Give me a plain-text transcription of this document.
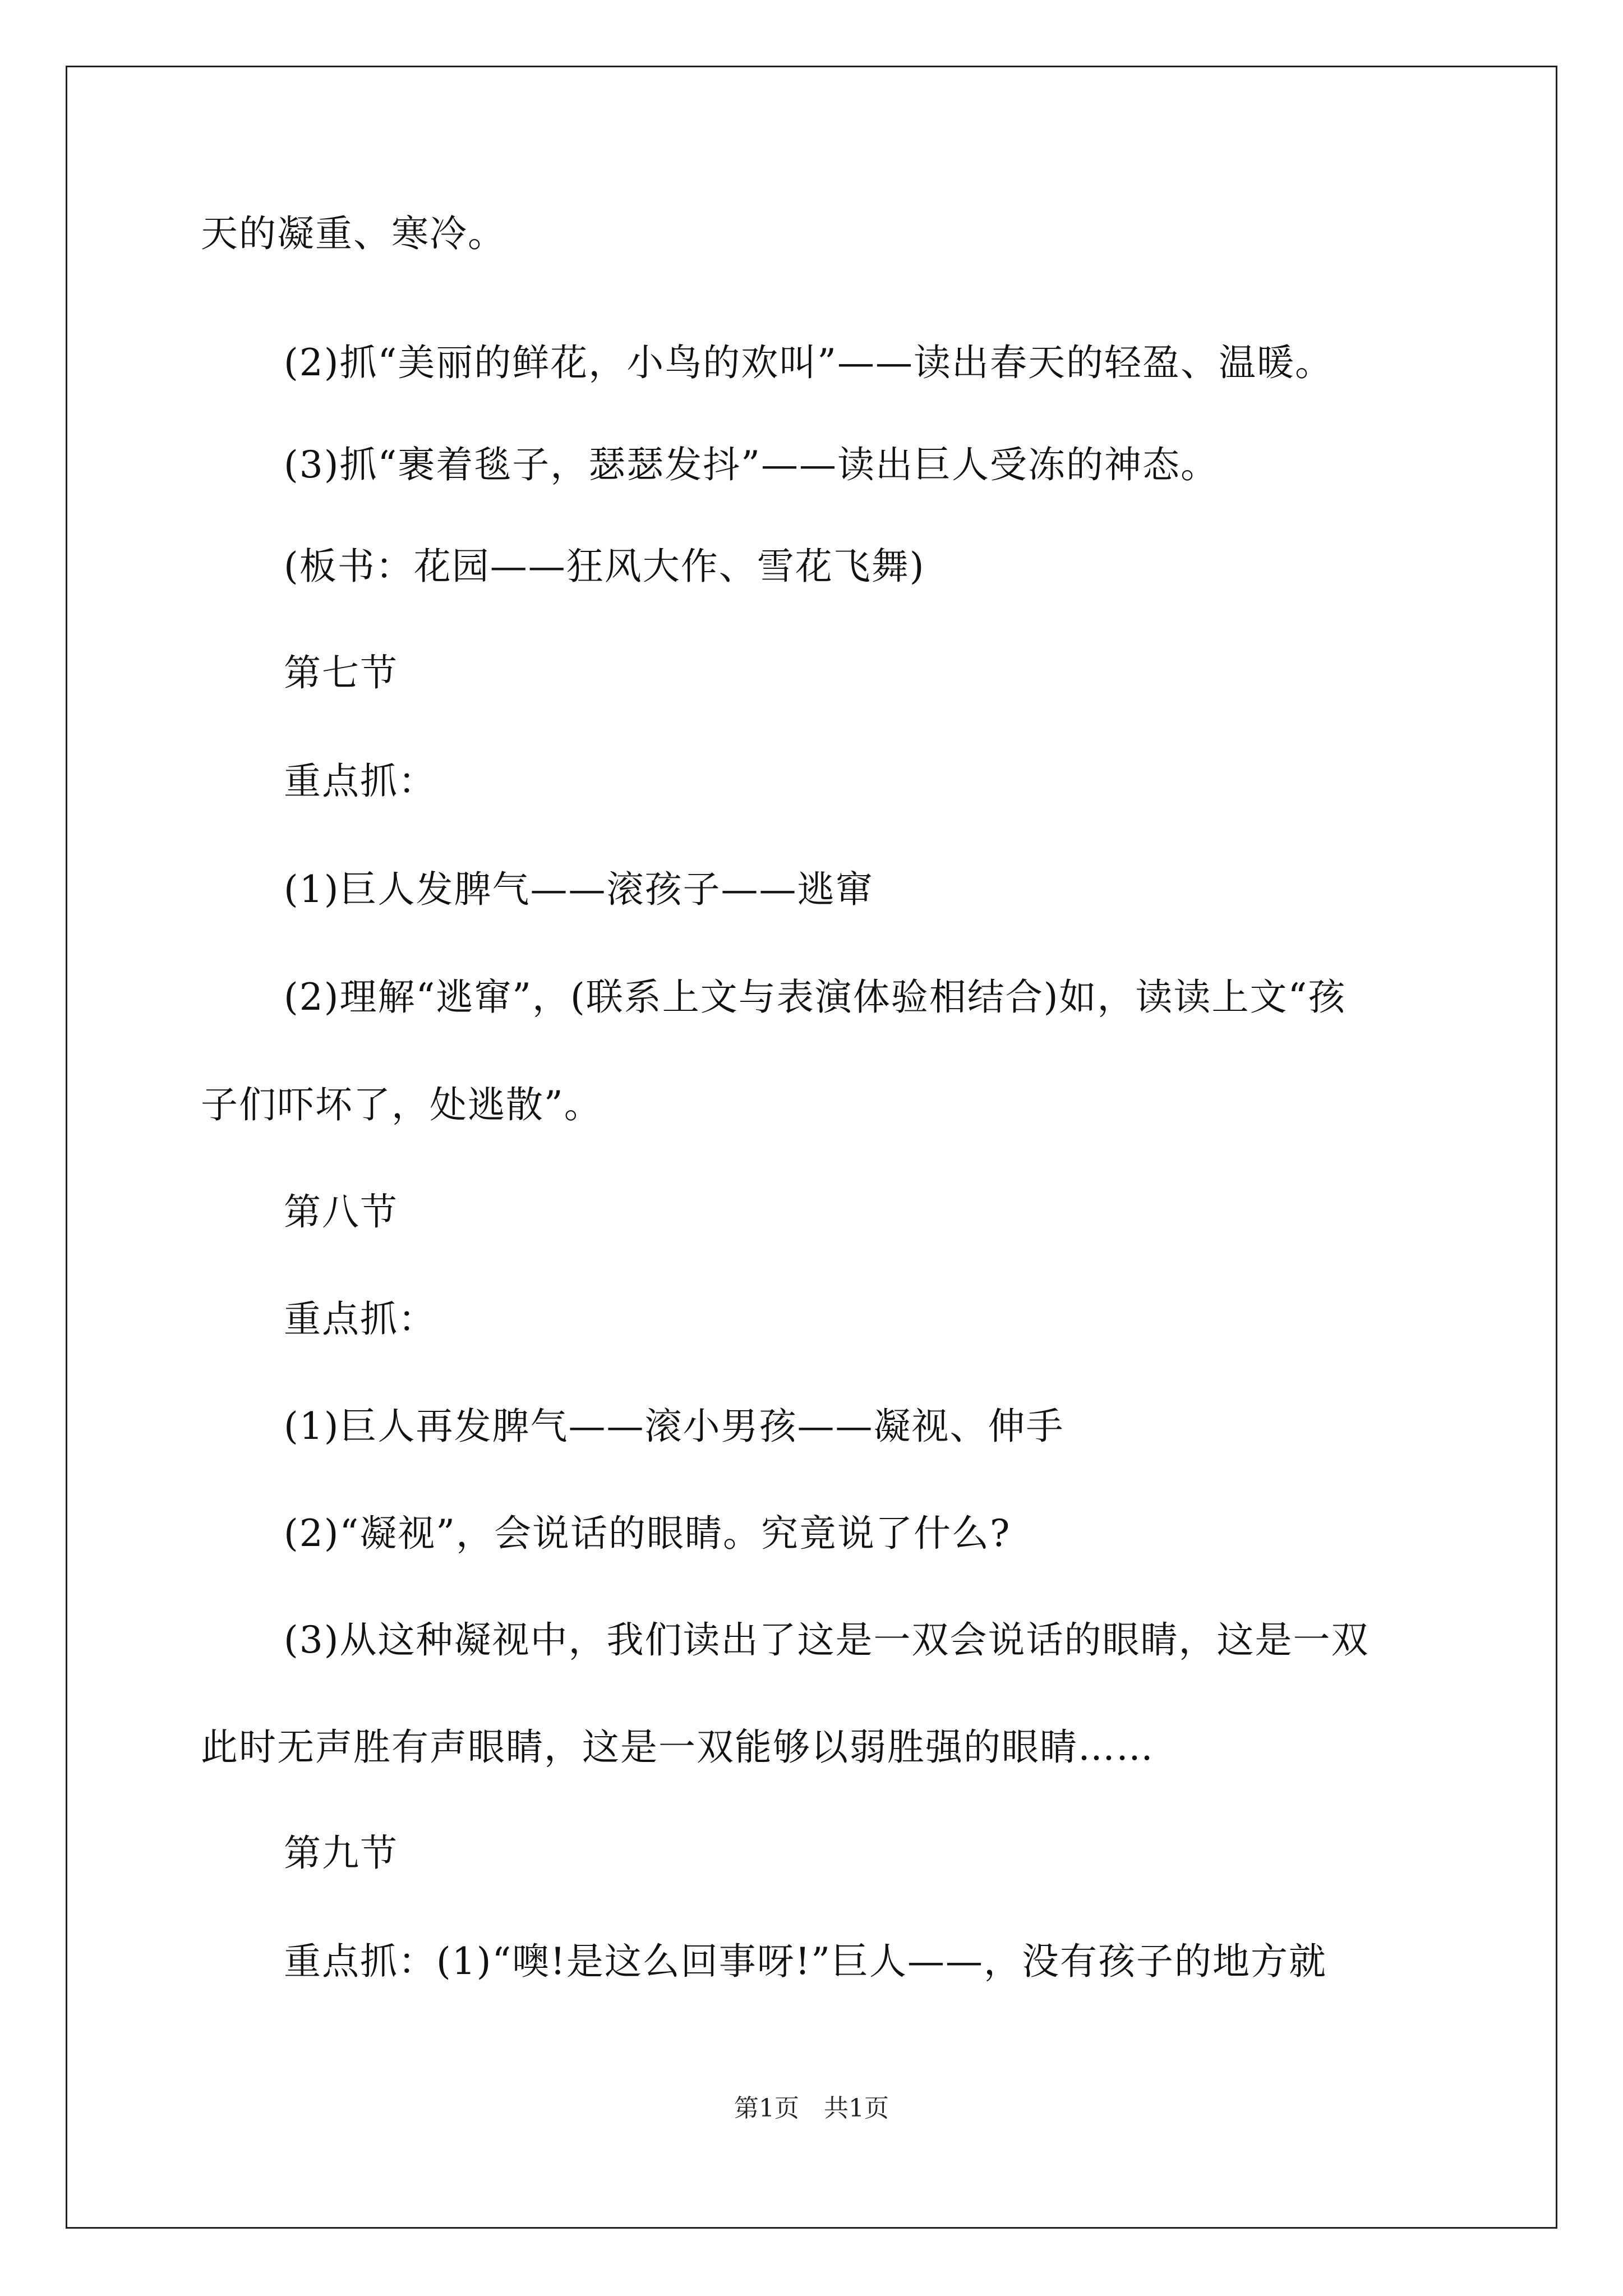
天的凝重、寒冷。
(2)抓“美丽的鲜花，小鸟的欢叫”——读出春天的轻盈、温暖。
(3)抓“裹着毯子，瑟瑟发抖”——读出巨人受冻的神态。
(板书：花园——狂风大作、雪花飞舞)
第七节
重点抓：
(1)巨人发脾气——滚孩子——逃窜
(2)理解“逃窜”，(联系上文与表演体验相结合)如，读读上文“孩
子们吓坏了，处逃散”。
第八节
重点抓：
(1)巨人再发脾气——滚小男孩——凝视、伸手
(2)“凝视”，会说话的眼睛。究竟说了什么?
(3)从这种凝视中，我们读出了这是一双会说话的眼睛，这是一双
此时无声胜有声眼睛，这是一双能够以弱胜强的眼睛……
第九节
重点抓：(1)“噢!是这么回事呀!”巨人——，没有孩子的地方就
第1页　共1页
